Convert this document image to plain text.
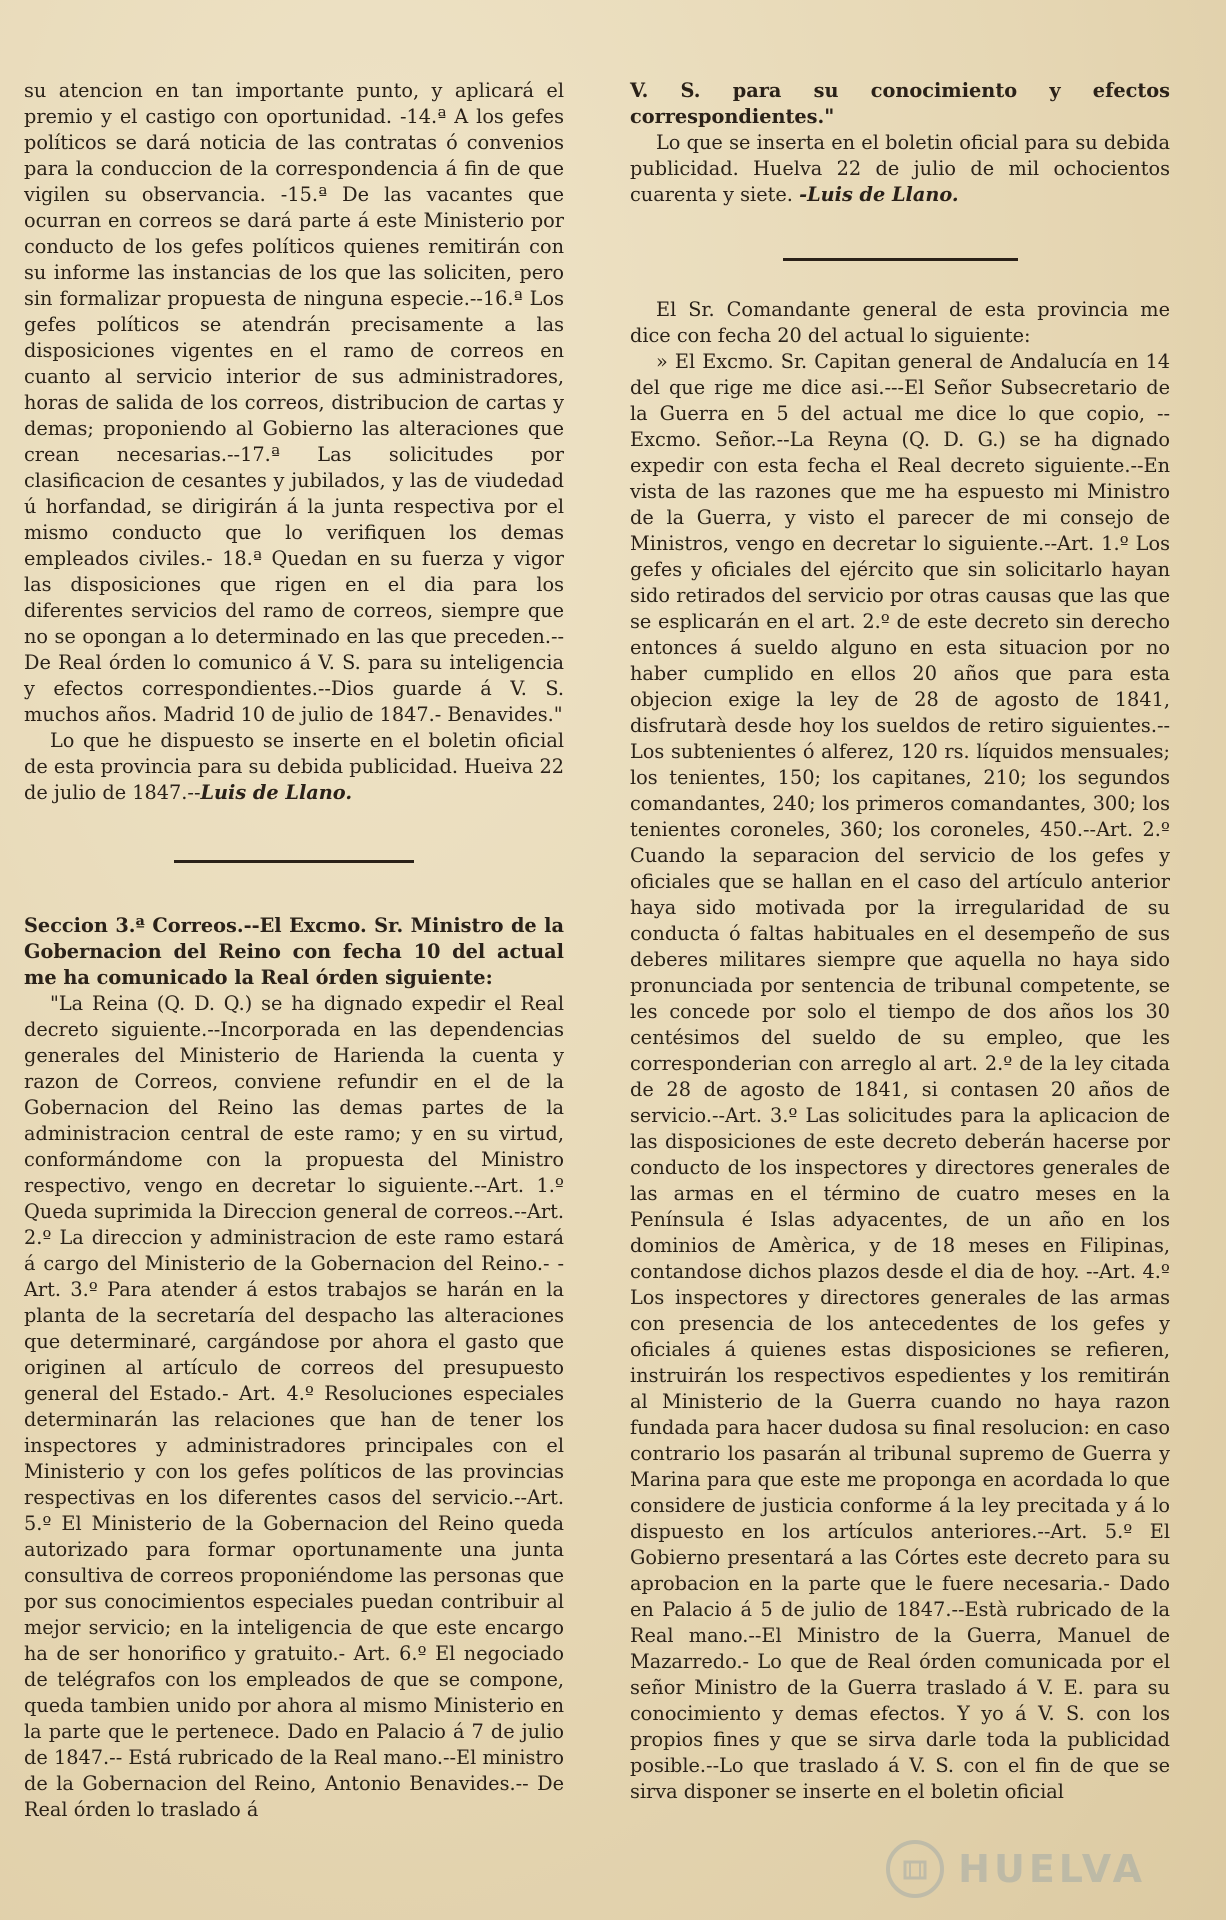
su atencion en tan importante punto, y aplicará el premio y el castigo con oportunidad. -14.ª A los gefes políticos se dará noticia de las contratas ó convenios para la conduccion de la correspondencia á fin de que vigilen su observancia. -15.ª De las vacantes que ocurran en correos se dará parte á este Ministerio por conducto de los gefes políticos quienes remitirán con su informe las instancias de los que las soliciten, pero sin formalizar propuesta de ninguna especie.--16.ª Los gefes políticos se atendrán precisamente a las disposiciones vigentes en el ramo de correos en cuanto al servicio interior de sus administradores, horas de salida de los correos, distribucion de cartas y demas; proponiendo al Gobierno las alteraciones que crean necesarias.--17.ª Las solicitudes por clasificacion de cesantes y jubilados, y las de viudedad ú horfandad, se dirigirán á la junta respectiva por el mismo conducto que lo verifiquen los demas empleados civiles.- 18.ª Quedan en su fuerza y vigor las disposiciones que rigen en el dia para los diferentes servicios del ramo de correos, siempre que no se opongan a lo determinado en las que preceden.--De Real órden lo comunico á V. S. para su inteligencia y efectos correspondientes.--Dios guarde á V. S. muchos años. Madrid 10 de julio de 1847.- Benavides."

Lo que he dispuesto se inserte en el boletin oficial de esta provincia para su debida publicidad. Hueiva 22 de julio de 1847.--Luis de Llano.

Seccion 3.ª Correos.--El Excmo. Sr. Ministro de la Gobernacion del Reino con fecha 10 del actual me ha comunicado la Real órden siguiente:

"La Reina (Q. D. Q.) se ha dignado expedir el Real decreto siguiente.--Incorporada en las dependencias generales del Ministerio de Harienda la cuenta y razon de Correos, conviene refundir en el de la Gobernacion del Reino las demas partes de la administracion central de este ramo; y en su virtud, conformándome con la propuesta del Ministro respectivo, vengo en decretar lo siguiente.--Art. 1.º Queda suprimida la Direccion general de correos.--Art. 2.º La direccion y administracion de este ramo estará á cargo del Ministerio de la Gobernacion del Reino.- -Art. 3.º Para atender á estos trabajos se harán en la planta de la secretaría del despacho las alteraciones que determinaré, cargándose por ahora el gasto que originen al artículo de correos del presupuesto general del Estado.- Art. 4.º Resoluciones especiales determinarán las relaciones que han de tener los inspectores y administradores principales con el Ministerio y con los gefes políticos de las provincias respectivas en los diferentes casos del servicio.--Art. 5.º El Ministerio de la Gobernacion del Reino queda autorizado para formar oportunamente una junta consultiva de correos proponiéndome las personas que por sus conocimientos especiales puedan contribuir al mejor servicio; en la inteligencia de que este encargo ha de ser honorifico y gratuito.- Art. 6.º El negociado de telégrafos con los empleados de que se compone, queda tambien unido por ahora al mismo Ministerio en la parte que le pertenece. Dado en Palacio á 7 de julio de 1847.-- Está rubricado de la Real mano.--El ministro de la Gobernacion del Reino, Antonio Benavides.-- De Real órden lo traslado á

V. S. para su conocimiento y efectos correspondientes."

Lo que se inserta en el boletin oficial para su debida publicidad. Huelva 22 de julio de mil ochocientos cuarenta y siete. -Luis de Llano.

El Sr. Comandante general de esta provincia me dice con fecha 20 del actual lo siguiente:

» El Excmo. Sr. Capitan general de Andalucía en 14 del que rige me dice asi.---El Señor Subsecretario de la Guerra en 5 del actual me dice lo que copio, --Excmo. Señor.--La Reyna (Q. D. G.) se ha dignado expedir con esta fecha el Real decreto siguiente.--En vista de las razones que me ha espuesto mi Ministro de la Guerra, y visto el parecer de mi consejo de Ministros, vengo en decretar lo siguiente.--Art. 1.º Los gefes y oficiales del ejército que sin solicitarlo hayan sido retirados del servicio por otras causas que las que se esplicarán en el art. 2.º de este decreto sin derecho entonces á sueldo alguno en esta situacion por no haber cumplido en ellos 20 años que para esta objecion exige la ley de 28 de agosto de 1841, disfrutarà desde hoy los sueldos de retiro siguientes.--Los subtenientes ó alferez, 120 rs. líquidos mensuales; los tenientes, 150; los capitanes, 210; los segundos comandantes, 240; los primeros comandantes, 300; los tenientes coroneles, 360; los coroneles, 450.--Art. 2.º Cuando la separacion del servicio de los gefes y oficiales que se hallan en el caso del artículo anterior haya sido motivada por la irregularidad de su conducta ó faltas habituales en el desempeño de sus deberes militares siempre que aquella no haya sido pronunciada por sentencia de tribunal competente, se les concede por solo el tiempo de dos años los 30 centésimos del sueldo de su empleo, que les corresponderian con arreglo al art. 2.º de la ley citada de 28 de agosto de 1841, si contasen 20 años de servicio.--Art. 3.º Las solicitudes para la aplicacion de las disposiciones de este decreto deberán hacerse por conducto de los inspectores y directores generales de las armas en el término de cuatro meses en la Península é Islas adyacentes, de un año en los dominios de Amèrica, y de 18 meses en Filipinas, contandose dichos plazos desde el dia de hoy. --Art. 4.º Los inspectores y directores generales de las armas con presencia de los antecedentes de los gefes y oficiales á quienes estas disposiciones se refieren, instruirán los respectivos espedientes y los remitirán al Ministerio de la Guerra cuando no haya razon fundada para hacer dudosa su final resolucion: en caso contrario los pasarán al tribunal supremo de Guerra y Marina para que este me proponga en acordada lo que considere de justicia conforme á la ley precitada y á lo dispuesto en los artículos anteriores.--Art. 5.º El Gobierno presentará a las Córtes este decreto para su aprobacion en la parte que le fuere necesaria.- Dado en Palacio á 5 de julio de 1847.--Està rubricado de la Real mano.--El Ministro de la Guerra, Manuel de Mazarredo.- Lo que de Real órden comunicada por el señor Ministro de la Guerra traslado á V. E. para su conocimiento y demas efectos. Y yo á V. S. con los propios fines y que se sirva darle toda la publicidad posible.--Lo que traslado á V. S. con el fin de que se sirva disponer se inserte en el boletin oficial

HUELVA
